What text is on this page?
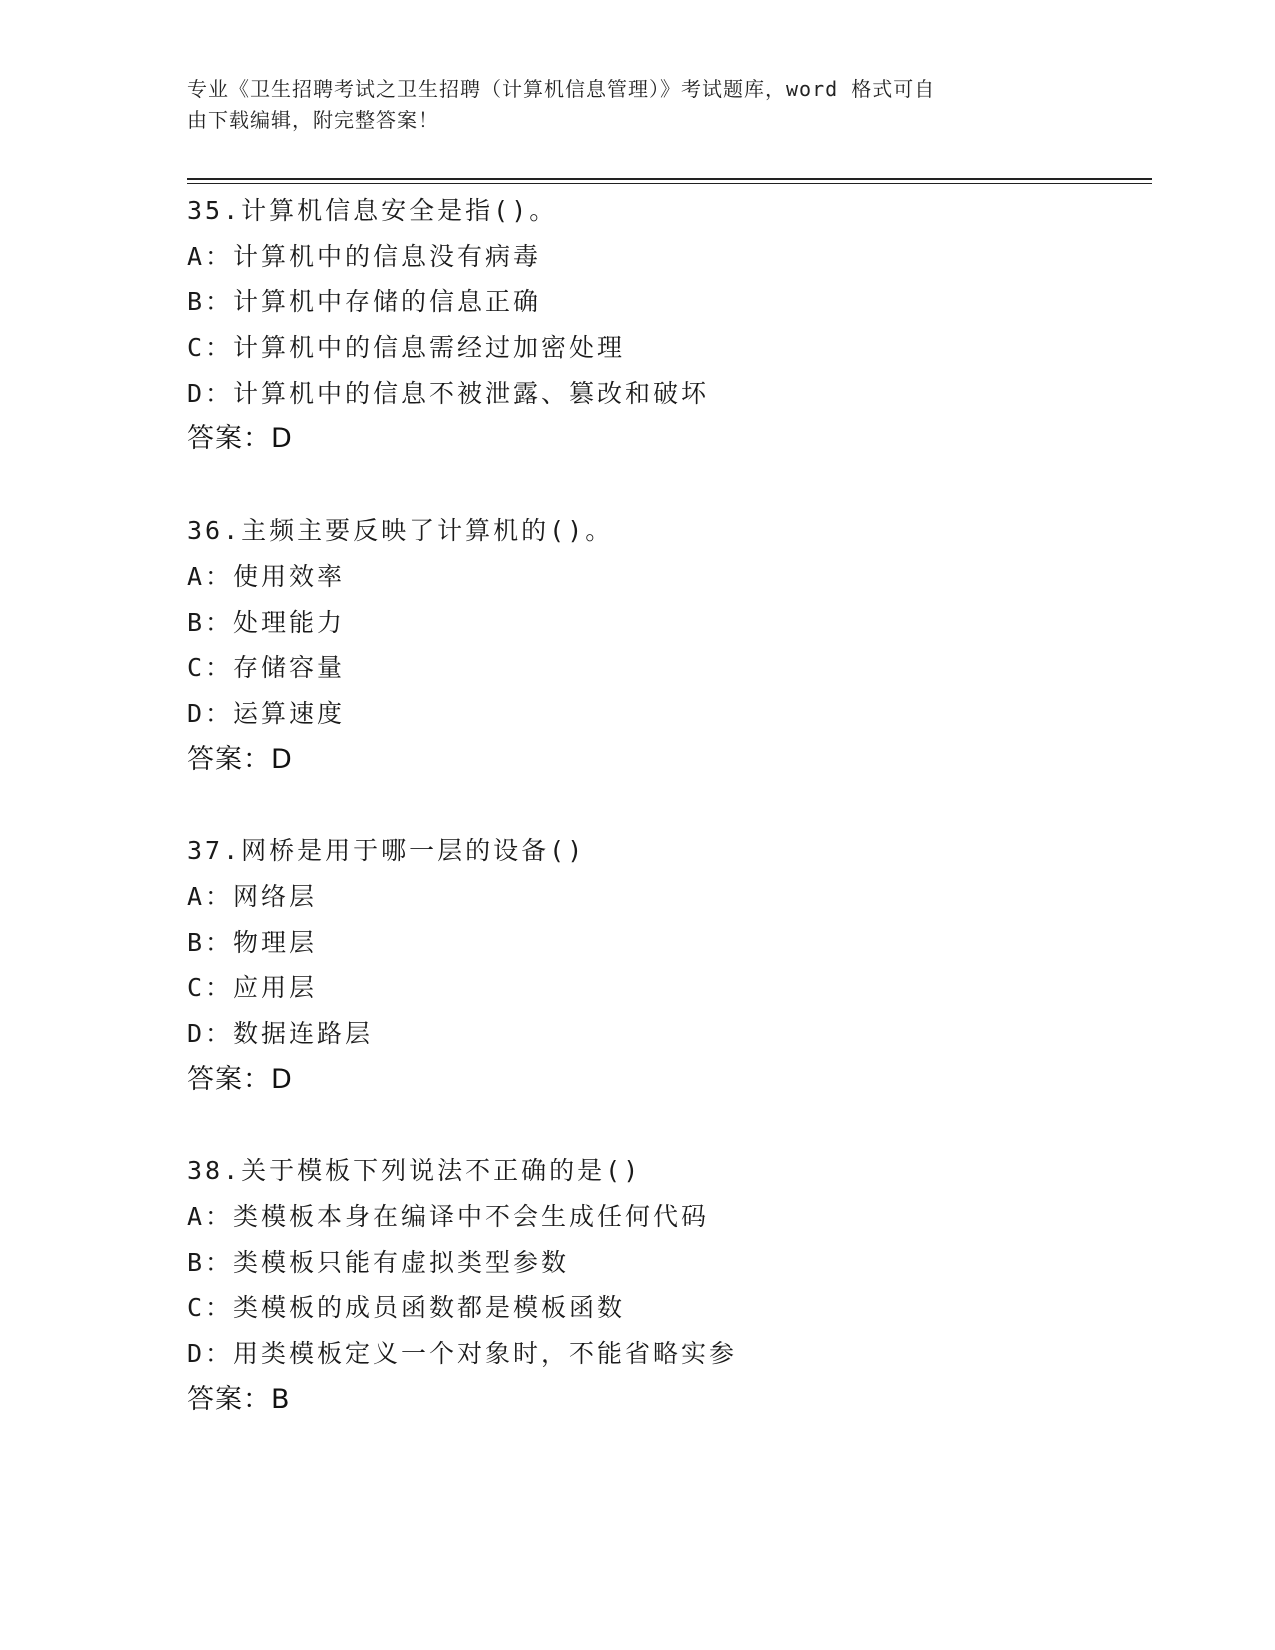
专业《卫生招聘考试之卫生招聘（计算机信息管理）》考试题库，word 格式可自
由下载编辑，附完整答案！
35.计算机信息安全是指()。
A：计算机中的信息没有病毒
B：计算机中存储的信息正确
C：计算机中的信息需经过加密处理
D：计算机中的信息不被泄露、篡改和破坏
答案：D
36.主频主要反映了计算机的()。
A：使用效率
B：处理能力
C：存储容量
D：运算速度
答案：D
37.网桥是用于哪一层的设备()
A：网络层
B：物理层
C：应用层
D：数据连路层
答案：D
38.关于模板下列说法不正确的是()
A：类模板本身在编译中不会生成任何代码
B：类模板只能有虚拟类型参数
C：类模板的成员函数都是模板函数
D：用类模板定义一个对象时，不能省略实参
答案：B
